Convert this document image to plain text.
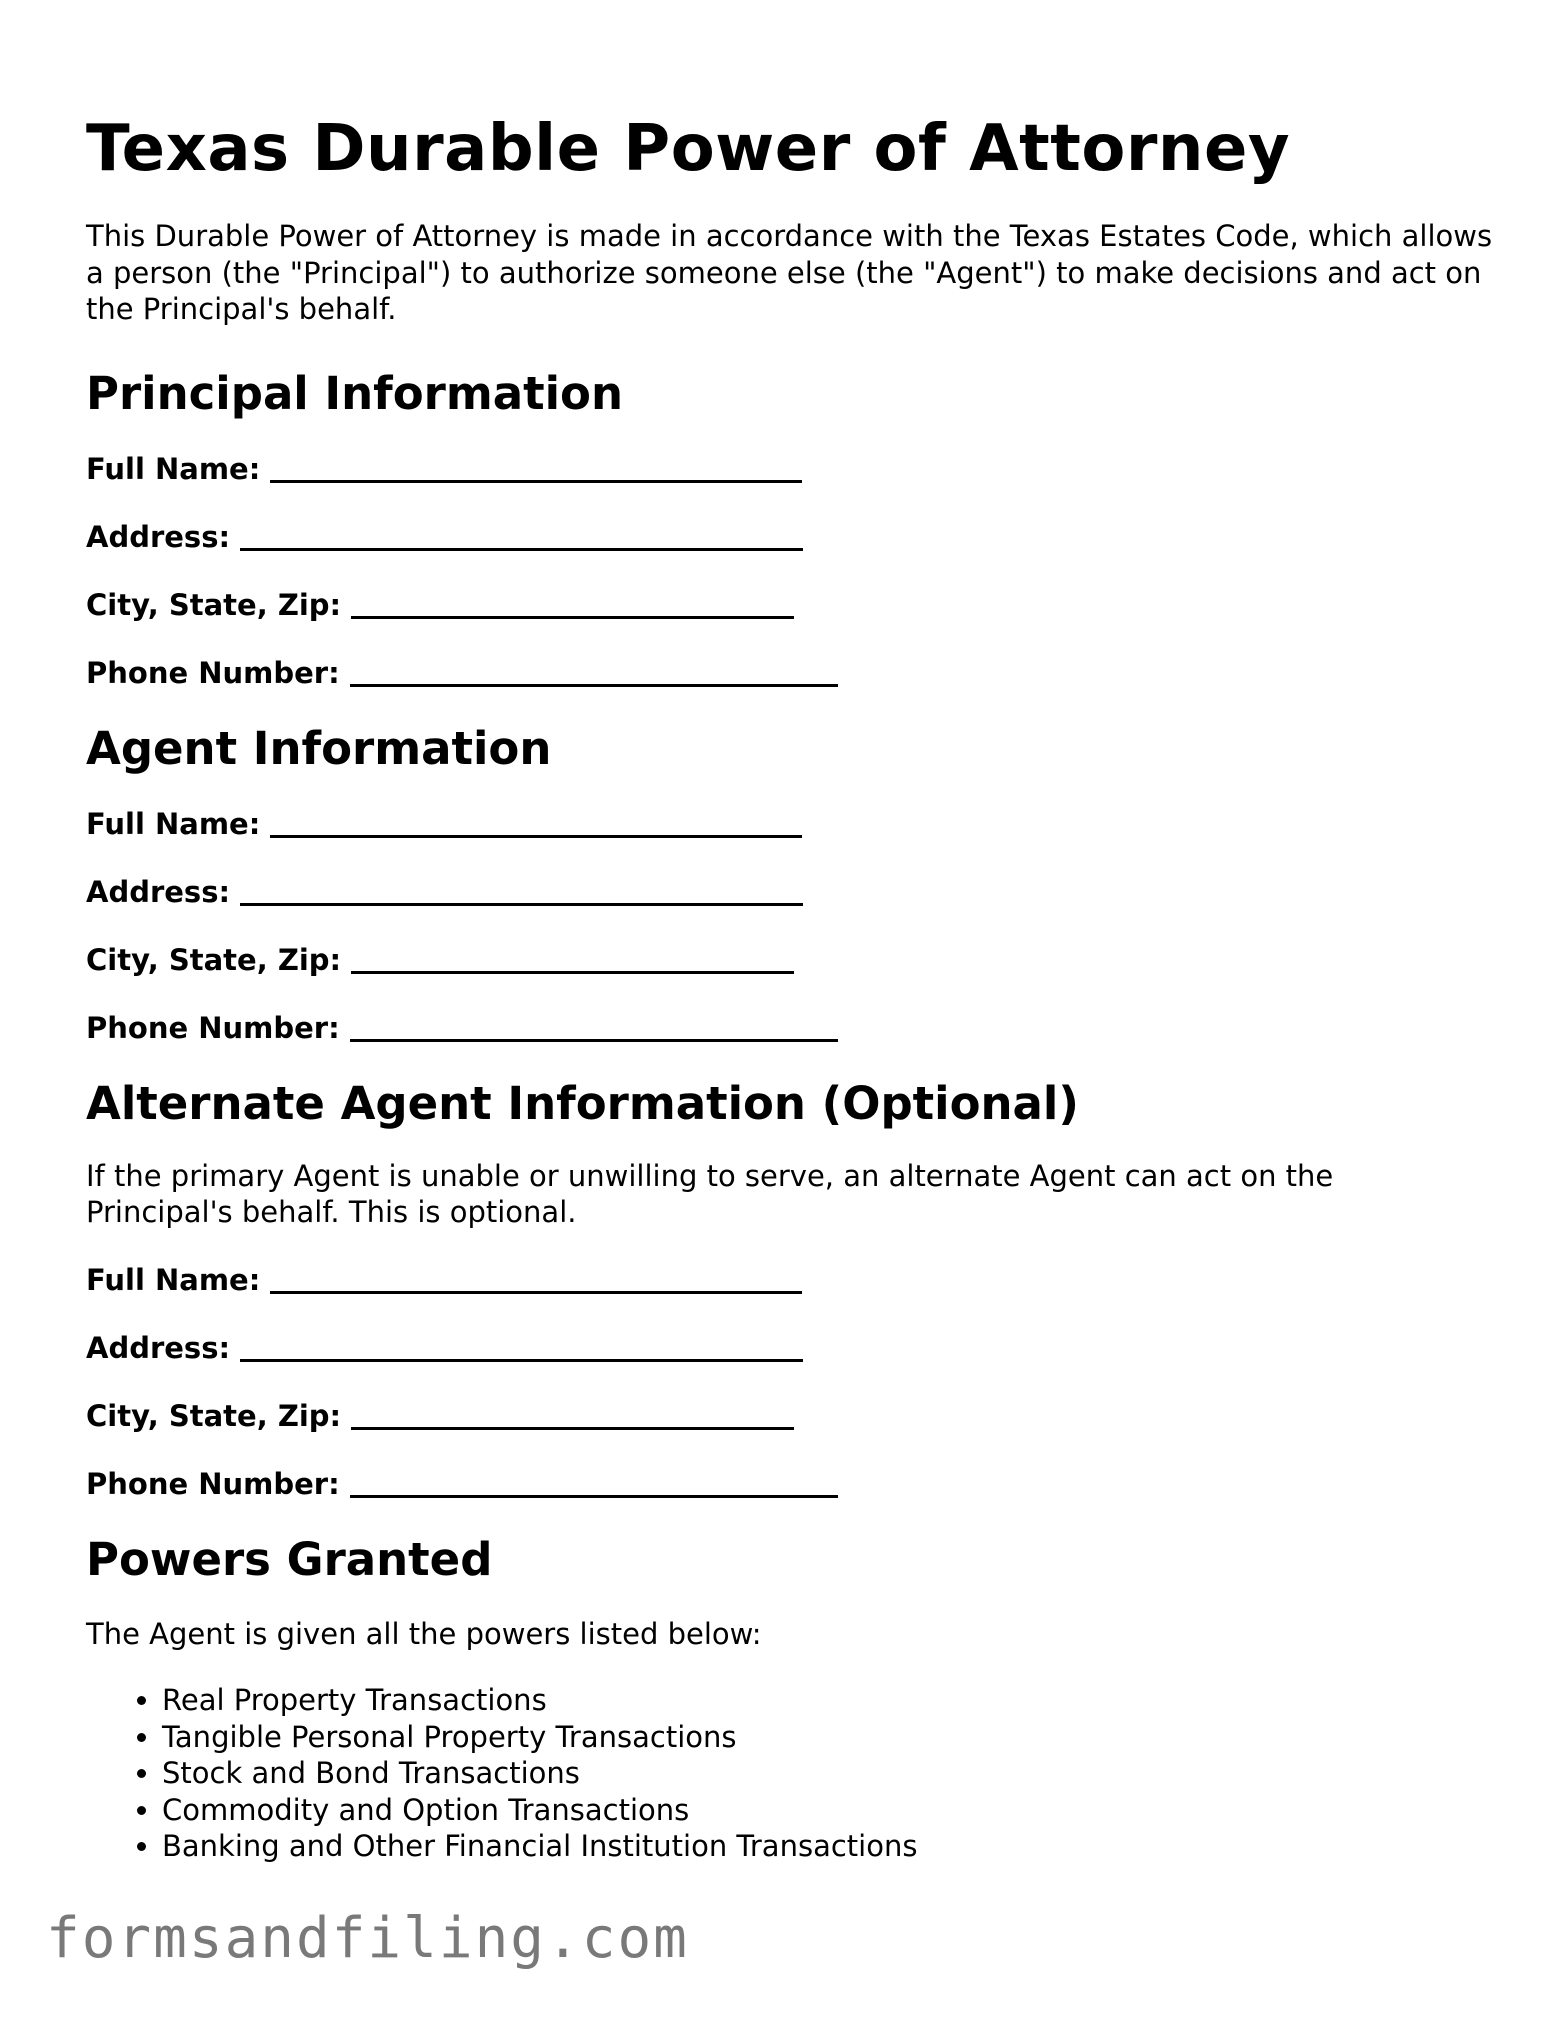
Texas Durable Power of Attorney

This Durable Power of Attorney is made in accordance with the Texas Estates Code, which allows a person (the "Principal") to authorize someone else (the "Agent") to make decisions and act on the Principal's behalf.

Principal Information
Full Name:
Address:
City, State, Zip:
Phone Number:
Agent Information
Full Name:
Address:
City, State, Zip:
Phone Number:
Alternate Agent Information (Optional)

If the primary Agent is unable or unwilling to serve, an alternate Agent can act on the Principal's behalf. This is optional.

Full Name:
Address:
City, State, Zip:
Phone Number:
Powers Granted

The Agent is given all the powers listed below:

• Real Property Transactions
• Tangible Personal Property Transactions
• Stock and Bond Transactions
• Commodity and Option Transactions
• Banking and Other Financial Institution Transactions
formsandfiling.com
